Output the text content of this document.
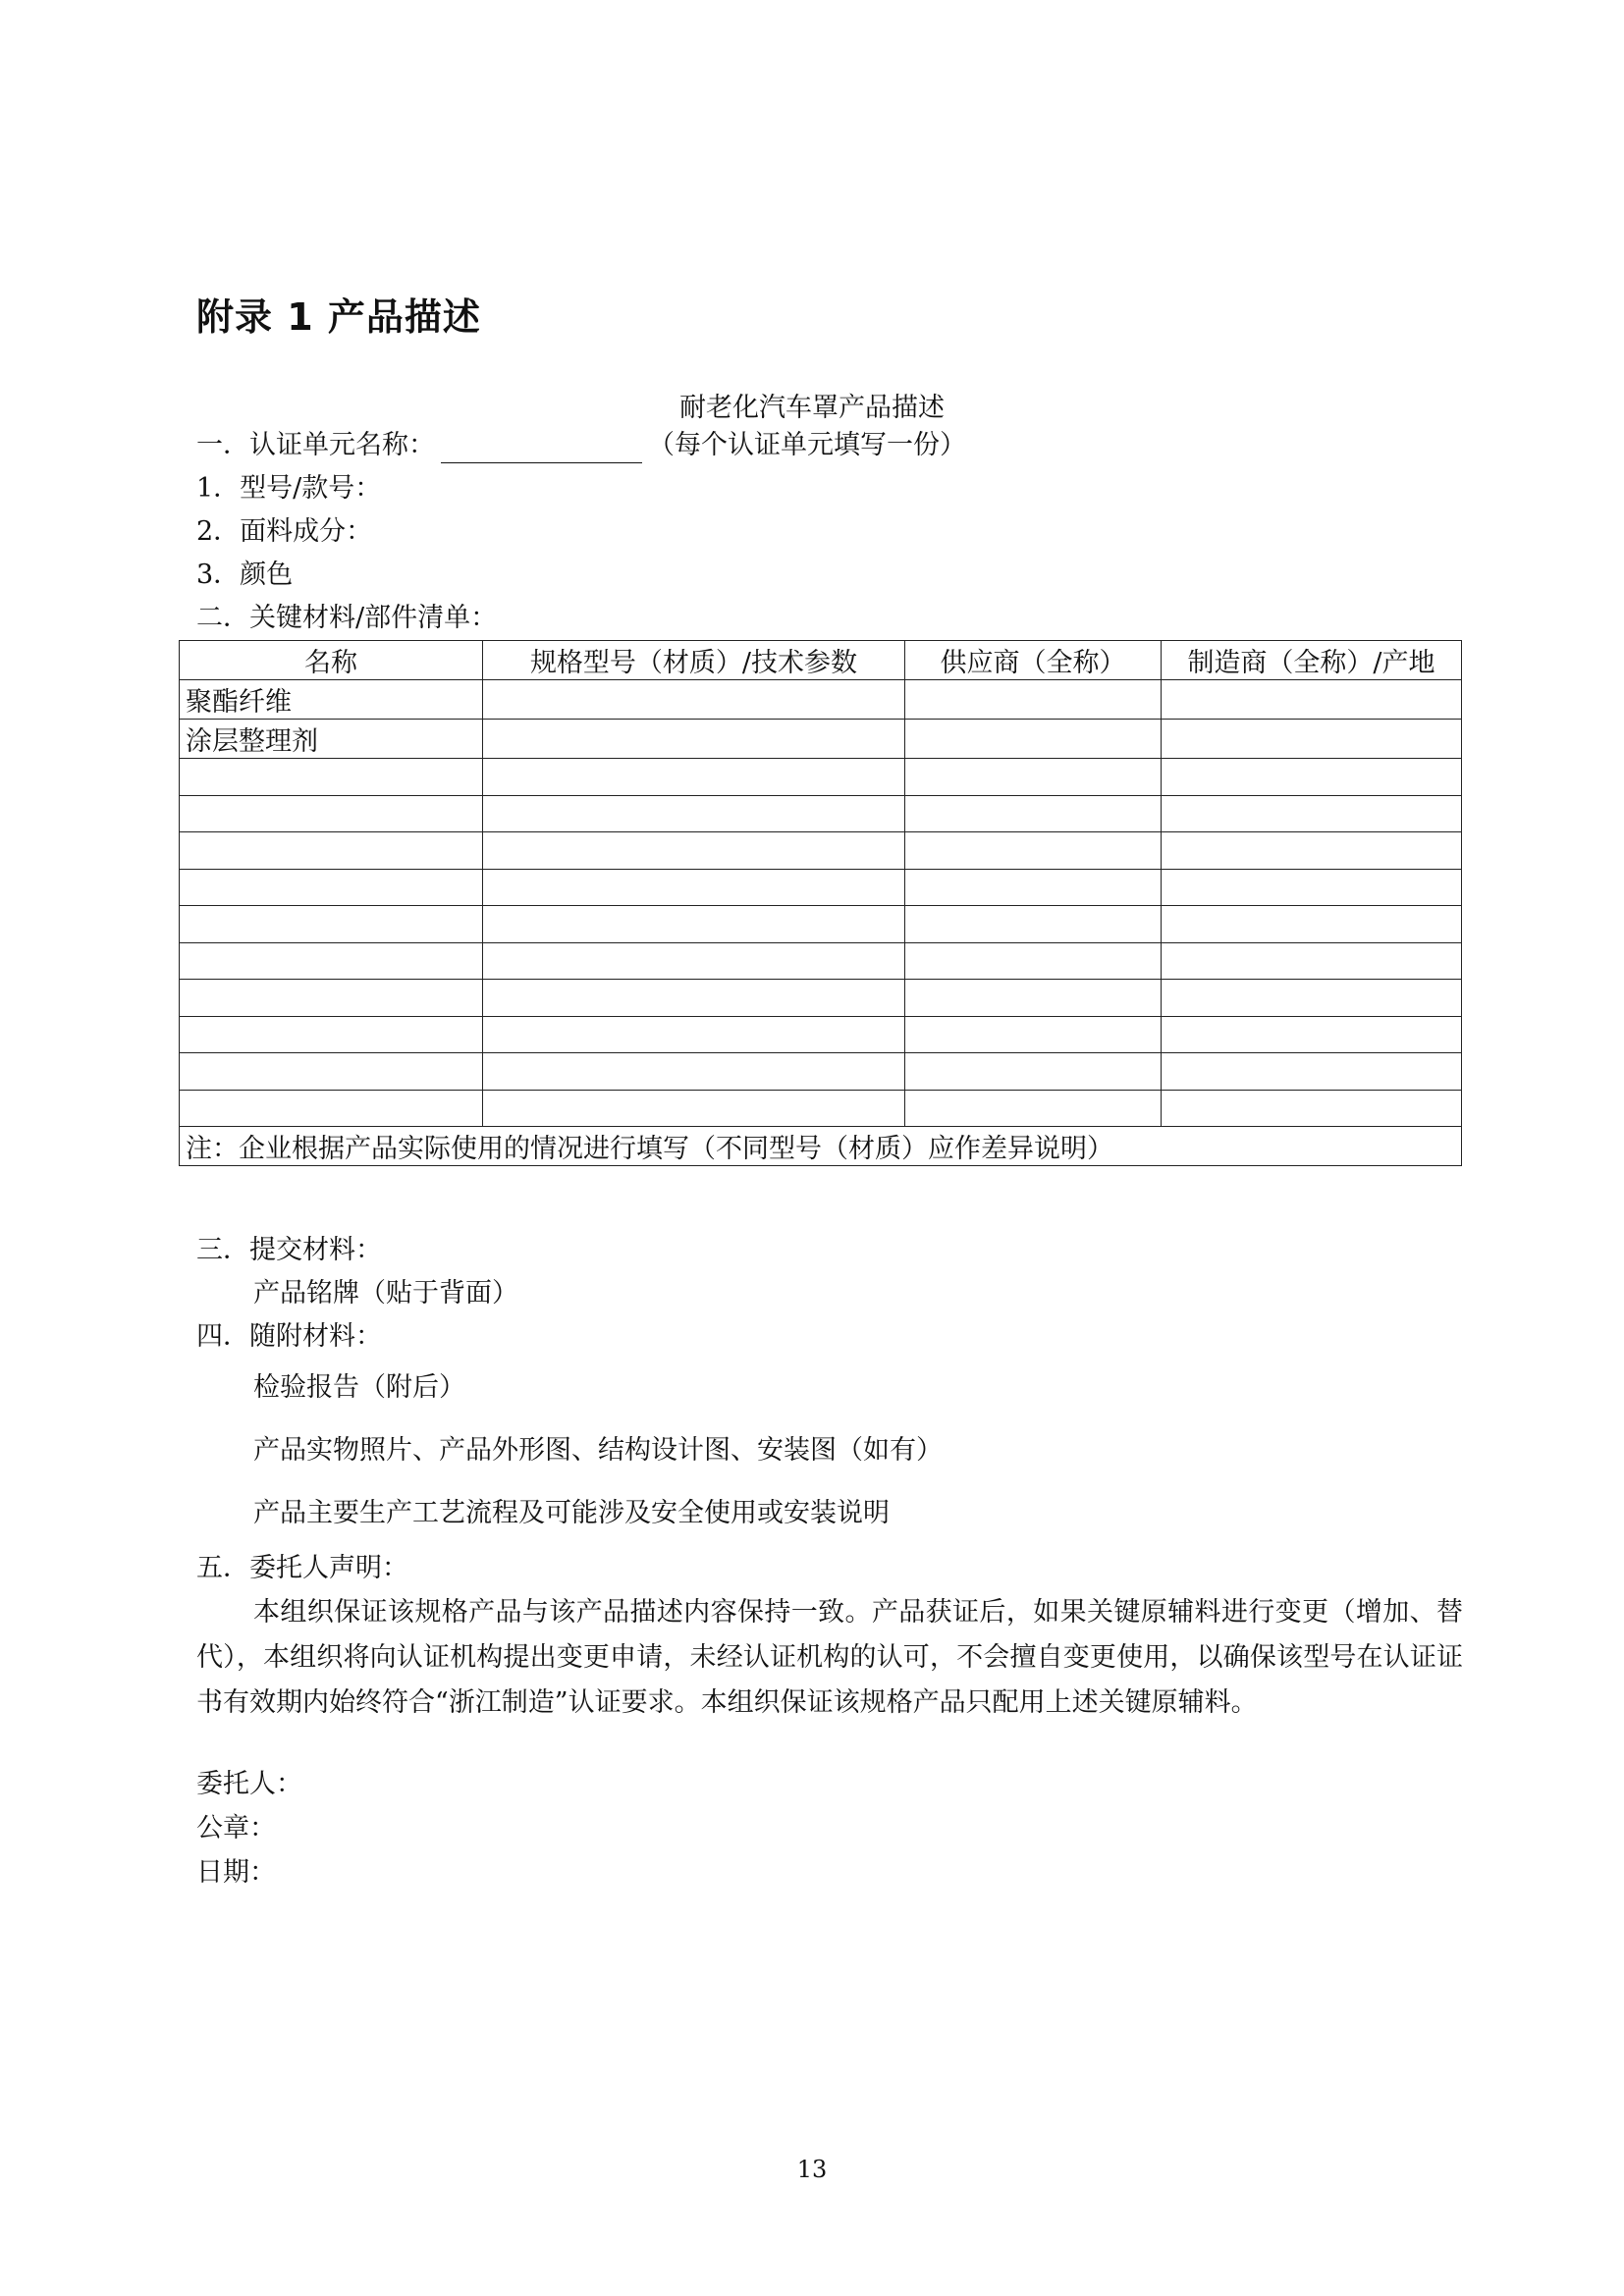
附录 1 产品描述
耐老化汽车罩产品描述
一．认证单元名称：	（每个认证单元填写一份）
1．型号/款号：
2．面料成分：
3．颜色
二．关键材料/部件清单：
名称	规格型号（材质）/技术参数	供应商（全称）	制造商（全称）/产地
聚酯纤维			
涂层整理剂			

注：企业根据产品实际使用的情况进行填写（不同型号（材质）应作差异说明）			
三．提交材料：
产品铭牌（贴于背面）
四．随附材料：
检验报告（附后）
产品实物照片、产品外形图、结构设计图、安装图（如有）
产品主要生产工艺流程及可能涉及安全使用或安装说明
五．委托人声明：
本组织保证该规格产品与该产品描述内容保持一致。产品获证后，如果关键原辅料进行变更（增加、替代），本组织将向认证机构提出变更申请，未经认证机构的认可，不会擅自变更使用，以确保该型号在认证证书有效期内始终符合“浙江制造”认证要求。本组织保证该规格产品只配用上述关键原辅料。
委托人：
公章：
日期：
13
